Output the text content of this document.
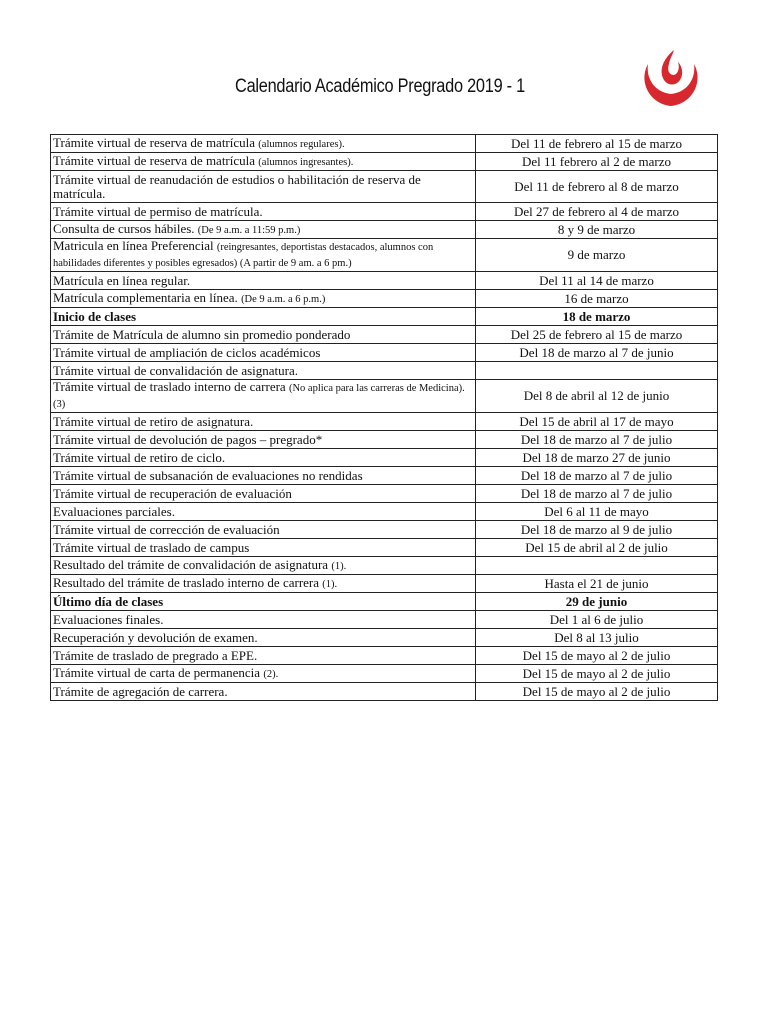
Calendario Académico Pregrado 2019 - 1
Trámite virtual de reserva de matrícula (alumnos regulares).	Del 11 de febrero al 15 de marzo
Trámite virtual de reserva de matrícula (alumnos ingresantes).	Del 11 febrero al 2 de marzo
Trámite virtual de reanudación de estudios o habilitación de reserva de matrícula.	Del 11 de febrero al 8 de marzo
Trámite virtual de permiso de matrícula.	Del 27 de febrero al 4 de marzo
Consulta de cursos hábiles. (De 9 a.m. a 11:59 p.m.)	8 y 9 de marzo
Matricula en línea Preferencial (reingresantes, deportistas destacados, alumnos con habilidades diferentes y posibles egresados) (A partir de 9 am. a 6 pm.)	9 de marzo
Matrícula en línea regular.	Del 11 al 14 de marzo
Matrícula complementaria en línea. (De 9 a.m. a 6 p.m.)	16 de marzo
Inicio de clases	18 de marzo
Trámite de Matrícula de alumno sin promedio ponderado	Del 25 de febrero al 15 de marzo
Trámite virtual de ampliación de ciclos académicos	Del 18 de marzo al 7 de junio
Trámite virtual de convalidación de asignatura.	
Trámite virtual de traslado interno de carrera (No aplica para las carreras de Medicina). (3)	Del 8 de abril al 12 de junio
Trámite virtual de retiro de asignatura.	Del 15 de abril al 17 de mayo
Trámite virtual de devolución de pagos – pregrado*	Del 18 de marzo al 7 de julio
Trámite virtual de retiro de ciclo.	Del 18 de marzo 27 de junio
Trámite virtual de subsanación de evaluaciones no rendidas	Del 18 de marzo al 7 de julio
Trámite virtual de recuperación de evaluación	Del 18 de marzo al 7 de julio
Evaluaciones parciales.	Del 6 al 11 de mayo
Trámite virtual de corrección de evaluación	Del 18 de marzo al 9 de julio
Trámite virtual de traslado de campus	Del 15 de abril al 2 de julio
Resultado del trámite de convalidación de asignatura (1).	
Resultado del trámite de traslado interno de carrera (1).	Hasta el 21 de junio
Último día de clases	29 de junio
Evaluaciones finales.	Del 1 al 6 de julio
Recuperación y devolución de examen.	Del 8 al 13 julio
Trámite de traslado de pregrado a EPE.	Del 15 de mayo al 2 de julio
Trámite virtual de carta de permanencia (2).	Del 15 de mayo al 2 de julio
Trámite de agregación de carrera.	Del 15 de mayo al 2 de julio
